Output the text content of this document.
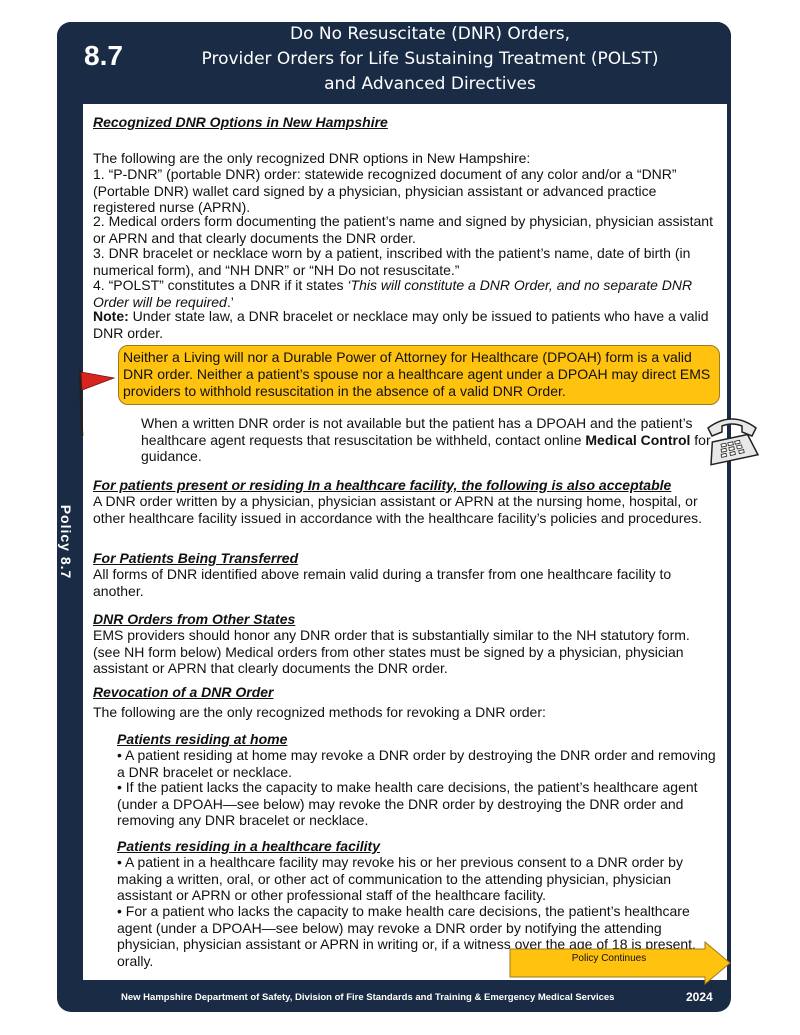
8.7
Do No Resuscitate (DNR) Orders,
Provider Orders for Life Sustaining Treatment (POLST)
and Advanced Directives
Policy 8.7

Recognized DNR Options in New Hampshire

The following are the only recognized DNR options in New Hampshire:

1. “P-DNR” (portable DNR) order: statewide recognized document of any color and/or a “DNR” (Portable DNR) wallet card signed by a physician, physician assistant or advanced practice registered nurse (APRN).

2. Medical orders form documenting the patient’s name and signed by physician, physician assistant or APRN and that clearly documents the DNR order.

3. DNR bracelet or necklace worn by a patient, inscribed with the patient’s name, date of birth (in numerical form), and “NH DNR” or “NH Do not resuscitate.”

4. “POLST” constitutes a DNR if it states ‘This will constitute a DNR Order, and no separate DNR Order will be required.’

Note: Under state law, a DNR bracelet or necklace may only be issued to patients who have a valid DNR order.

Neither a Living will nor a Durable Power of Attorney for Healthcare (DPOAH) form is a valid DNR order. Neither a patient’s spouse nor a healthcare agent under a DPOAH may direct EMS providers to withhold resuscitation in the absence of a valid DNR Order.

When a written DNR order is not available but the patient has a DPOAH and the patient’s healthcare agent requests that resuscitation be withheld, contact online Medical Control for guidance.

For patients present or residing In a healthcare facility, the following is also acceptable

A DNR order written by a physician, physician assistant or APRN at the nursing home, hospital, or other healthcare facility issued in accordance with the healthcare facility’s policies and procedures.

For Patients Being Transferred

All forms of DNR identified above remain valid during a transfer from one healthcare facility to another.

DNR Orders from Other States

EMS providers should honor any DNR order that is substantially similar to the NH statutory form. (see NH form below) Medical orders from other states must be signed by a physician, physician assistant or APRN that clearly documents the DNR order.

Revocation of a DNR Order

The following are the only recognized methods for revoking a DNR order:

Patients residing at home

• A patient residing at home may revoke a DNR order by destroying the DNR order and removing a DNR bracelet or necklace.

• If the patient lacks the capacity to make health care decisions, the patient’s healthcare agent (under a DPOAH—see below) may revoke the DNR order by destroying the DNR order and removing any DNR bracelet or necklace.

Patients residing in a healthcare facility

• A patient in a healthcare facility may revoke his or her previous consent to a DNR order by making a written, oral, or other act of communication to the attending physician, physician assistant or APRN or other professional staff of the healthcare facility.

• For a patient who lacks the capacity to make health care decisions, the patient’s healthcare agent (under a DPOAH—see below) may revoke a DNR order by notifying the attending physician, physician assistant or APRN in writing or, if a witness over the age of 18 is present, orally.	Policy Continues
New Hampshire Department of Safety, Division of Fire Standards and Training & Emergency Medical Services	2024
